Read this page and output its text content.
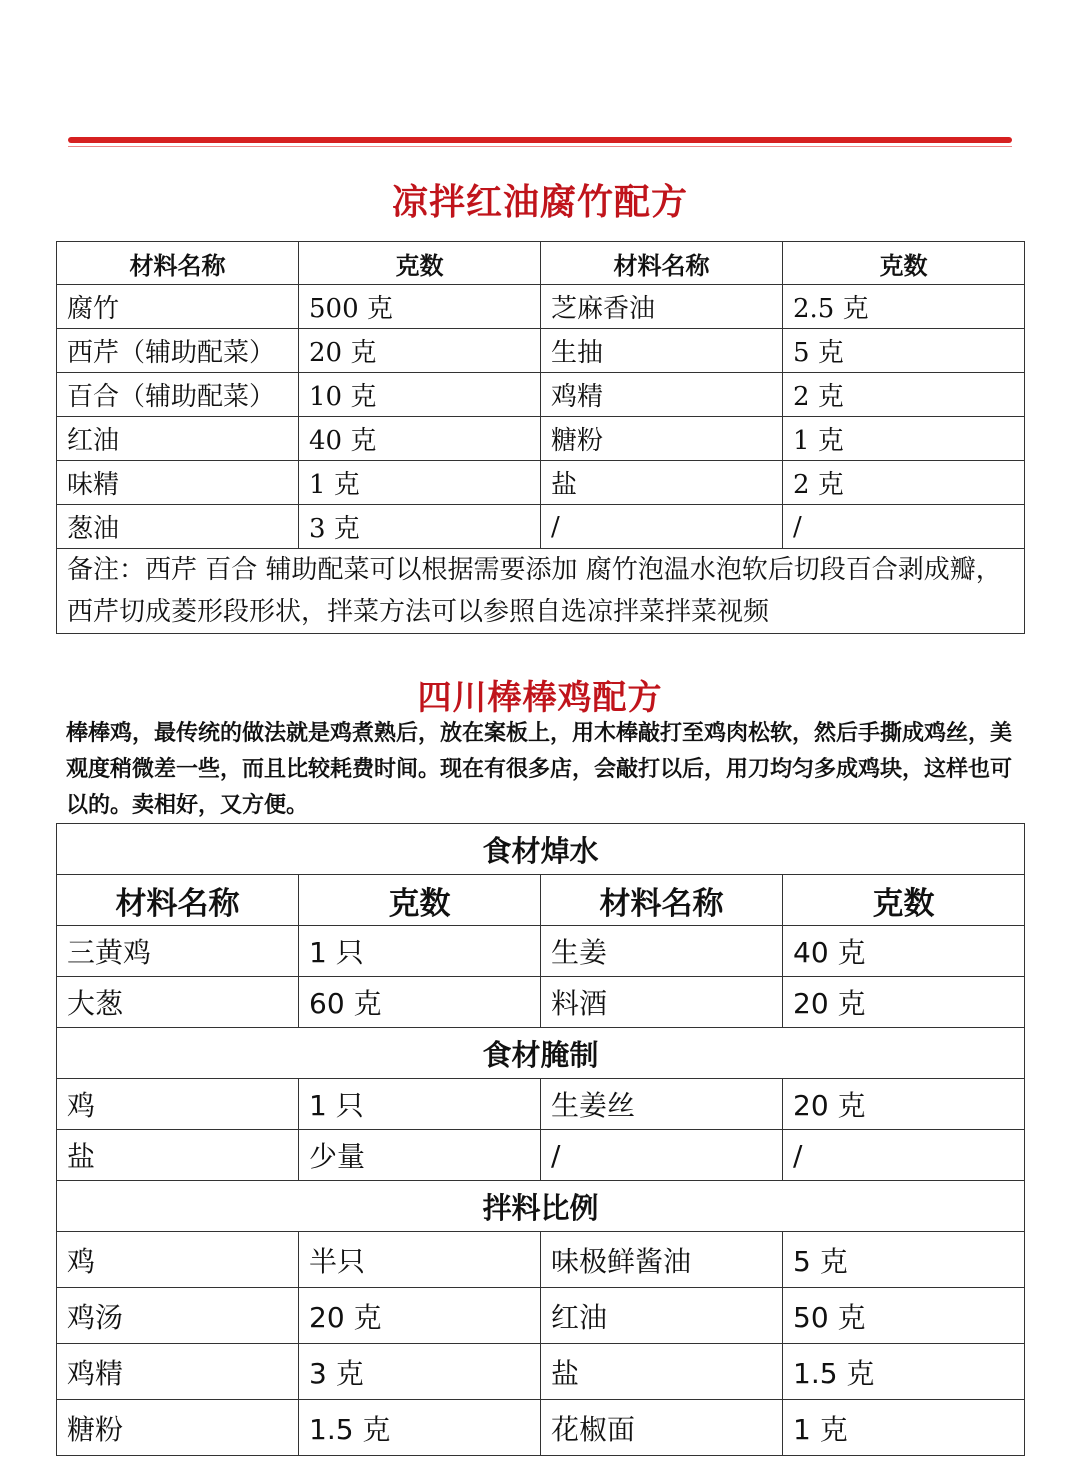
凉拌红油腐竹配方
材料名称	克数	材料名称	克数
腐竹	500 克	芝麻香油	2.5 克
西芹（辅助配菜）	20 克	生抽	5 克
百合（辅助配菜）	10 克	鸡精	2 克
红油	40 克	糖粉	1 克
味精	1 克	盐	2 克
葱油	3 克	/	/
备注：西芹 百合 辅助配菜可以根据需要添加 腐竹泡温水泡软后切段百合剥成瓣，西芹切成菱形段形状，拌菜方法可以参照自选凉拌菜拌菜视频			
四川棒棒鸡配方
棒棒鸡，最传统的做法就是鸡煮熟后，放在案板上，用木棒敲打至鸡肉松软，然后手撕成鸡丝，美观度稍微差一些，而且比较耗费时间。现在有很多店，会敲打以后，用刀均匀多成鸡块，这样也可以的。卖相好，又方便。
食材焯水			
材料名称	克数	材料名称	克数
三黄鸡	1 只	生姜	40 克
大葱	60 克	料酒	20 克
食材腌制			
鸡	1 只	生姜丝	20 克
盐	少量	/	/
拌料比例			
鸡	半只	味极鲜酱油	5 克
鸡汤	20 克	红油	50 克
鸡精	3 克	盐	1.5 克
糖粉	1.5 克	花椒面	1 克
